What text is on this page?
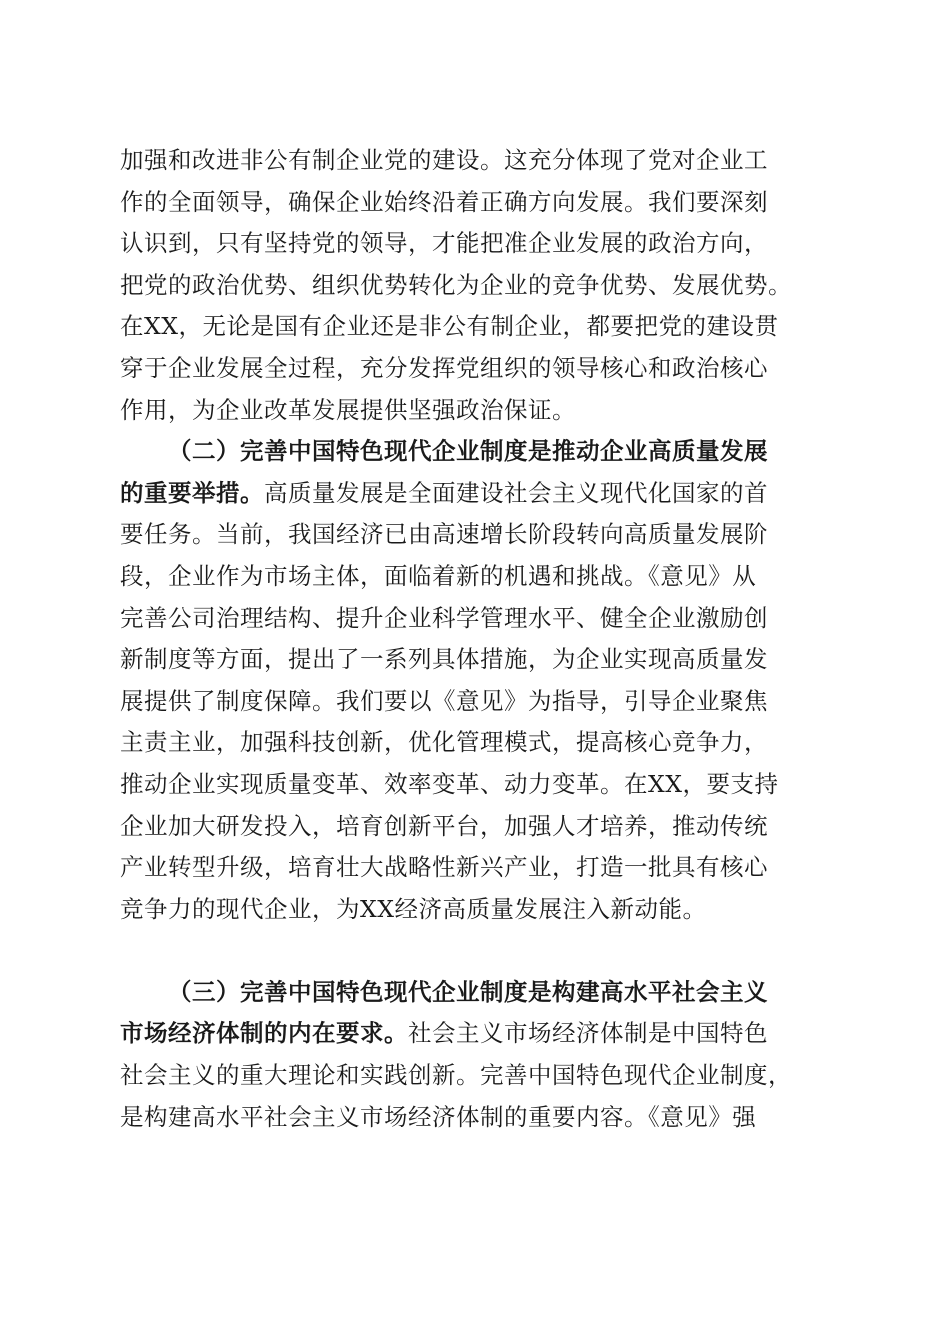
加强和改进非公有制企业党的建设。这充分体现了党对企业工
作的全面领导，确保企业始终沿着正确方向发展。我们要深刻
认识到，只有坚持党的领导，才能把准企业发展的政治方向，
把党的政治优势、组织优势转化为企业的竞争优势、发展优势。
在XX，无论是国有企业还是非公有制企业，都要把党的建设贯
穿于企业发展全过程，充分发挥党组织的领导核心和政治核心
作用，为企业改革发展提供坚强政治保证。
（二）完善中国特色现代企业制度是推动企业高质量发展
的重要举措。高质量发展是全面建设社会主义现代化国家的首
要任务。当前，我国经济已由高速增长阶段转向高质量发展阶
段，企业作为市场主体，面临着新的机遇和挑战。《意见》从
完善公司治理结构、提升企业科学管理水平、健全企业激励创
新制度等方面，提出了一系列具体措施，为企业实现高质量发
展提供了制度保障。我们要以《意见》为指导，引导企业聚焦
主责主业，加强科技创新，优化管理模式，提高核心竞争力，
推动企业实现质量变革、效率变革、动力变革。在XX，要支持
企业加大研发投入，培育创新平台，加强人才培养，推动传统
产业转型升级，培育壮大战略性新兴产业，打造一批具有核心
竞争力的现代企业，为XX经济高质量发展注入新动能。
（三）完善中国特色现代企业制度是构建高水平社会主义
市场经济体制的内在要求。社会主义市场经济体制是中国特色
社会主义的重大理论和实践创新。完善中国特色现代企业制度，
是构建高水平社会主义市场经济体制的重要内容。《意见》强
